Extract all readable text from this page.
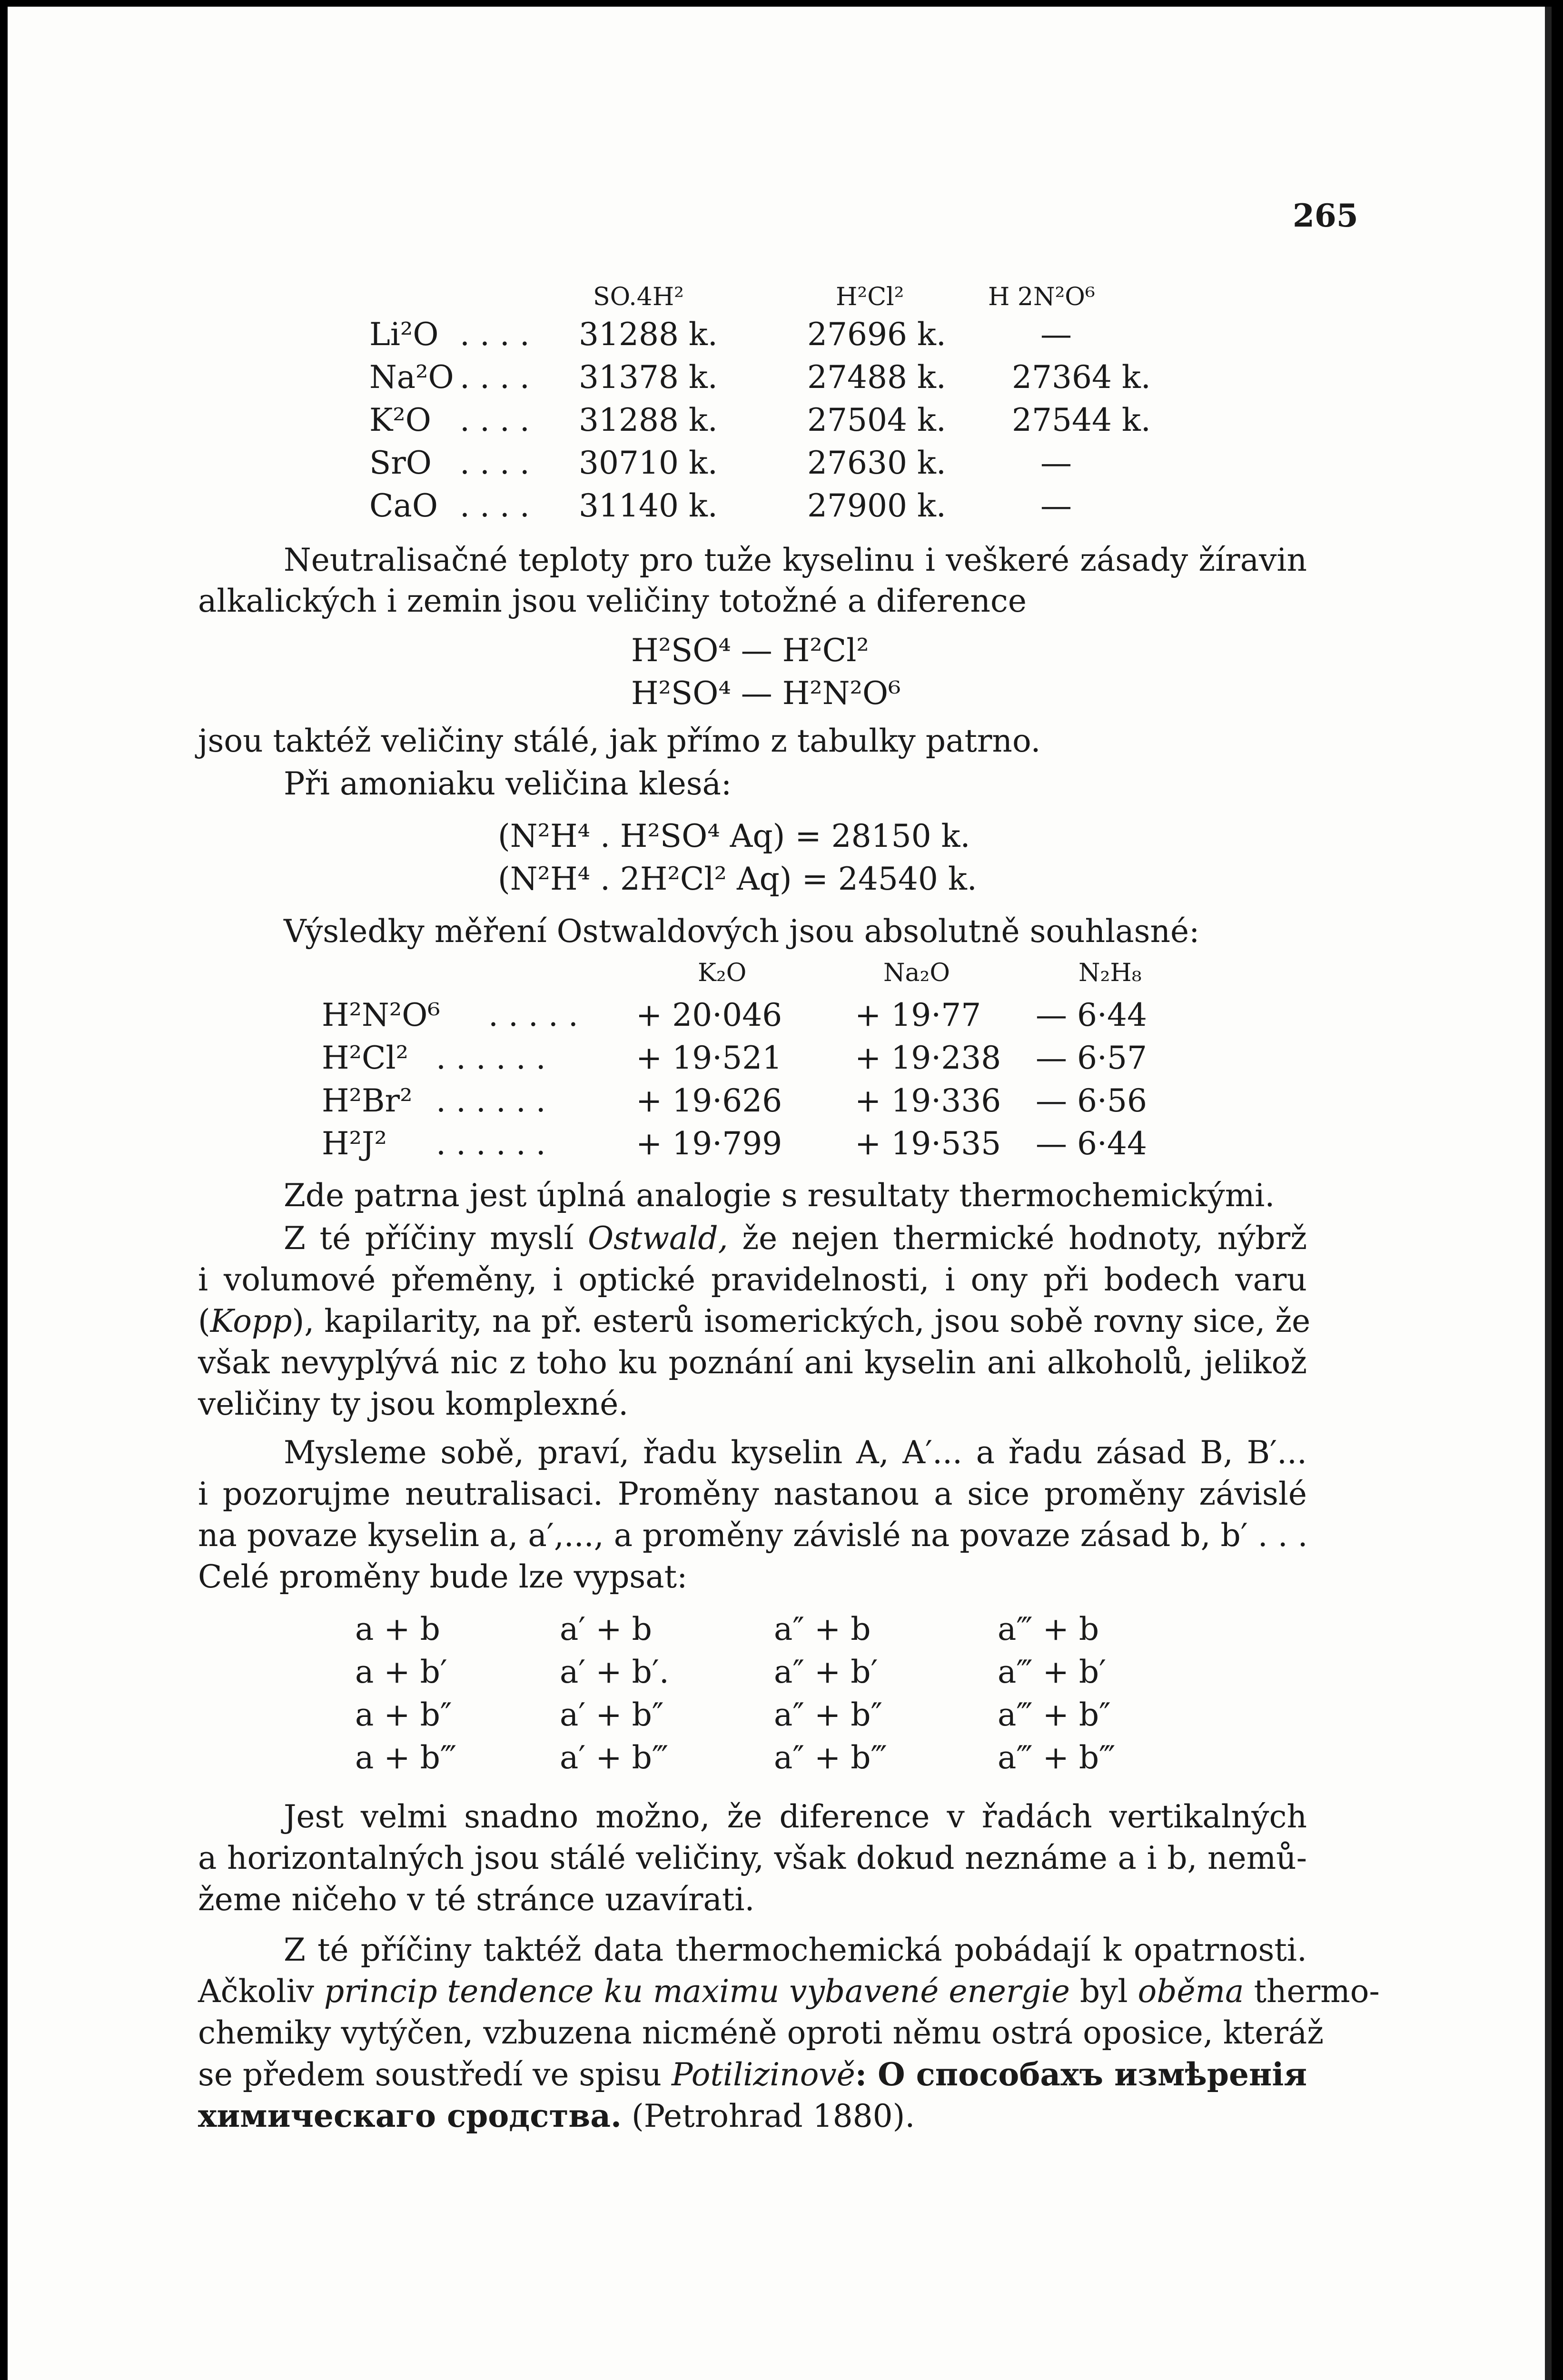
265
SO.4H²	H²Cl²	H 2N²O⁶
Li²O . . . . 31288 k.	27696 k.	—
Na²O . . . . 31378 k.	27488 k. 27364 k.
K²O . . . . 31288 k.	27504 k. 27544 k.
SrO . . . . 30710 k.	27630 k.	—
CaO . . . . 31140 k.	27900 k.	—
Neutralisačné teploty pro tuže kyselinu i veškeré zásady žíravin
alkalických i zemin jsou veličiny totožné a diference
H²SO⁴ — H²Cl²
H²SO⁴ — H²N²O⁶
jsou taktéž veličiny stálé, jak přímo z tabulky patrno.
Při amoniaku veličina klesá:
(N²H⁴ . H²SO⁴ Aq) = 28150 k.
(N²H⁴ . 2H²Cl² Aq) = 24540 k.
Výsledky měření Ostwaldových jsou absolutně souhlasné:
K₂O	Na₂O	N₂H₈
H²N²O⁶ . . . . . + 20·046 + 19·77 — 6·44
H²Cl² . . . . . .	+ 19·521 + 19·238 — 6·57
H²Br² . . . . . .	+ 19·626 + 19·336 — 6·56
H²J² . . . . . .	+ 19·799 + 19·535 — 6·44
Zde patrna jest úplná analogie s resultaty thermochemickými.
Z té příčiny myslí Ostwald, že nejen thermické hodnoty, nýbrž
i volumové přeměny, i optické pravidelnosti, i ony při bodech varu
(Kopp), kapilarity, na př. esterů isomerických, jsou sobě rovny sice, že
však nevyplývá nic z toho ku poznání ani kyselin ani alkoholů, jelikož
veličiny ty jsou komplexné.
Mysleme sobě, praví, řadu kyselin A, A′... a řadu zásad B, B′...
i pozorujme neutralisaci. Proměny nastanou a sice proměny závislé
na povaze kyselin a, a′,..., a proměny závislé na povaze zásad b, b′ . . .
Celé proměny bude lze vypsat:
a + b	a′ + b	a″ + b	a‴ + b
a + b′	a′ + b′.	a″ + b′	a‴ + b′
a + b″	a′ + b″	a″ + b″	a‴ + b″
a + b‴	a′ + b‴	a″ + b‴	a‴ + b‴
Jest velmi snadno možno, že diference v řadách vertikalných
a horizontalných jsou stálé veličiny, však dokud neznáme a i b, nemů-
žeme ničeho v té stránce uzavírati.
Z té příčiny taktéž data thermochemická pobádají k opatrnosti.
Ačkoliv princip tendence ku maximu vybavené energie byl oběma thermo-
chemiky vytýčen, vzbuzena nicméně oproti němu ostrá oposice, kteráž
se předem soustředí ve spisu Potilizinově: О способахъ измѣренія
химическаго сродства. (Petrohrad 1880).
